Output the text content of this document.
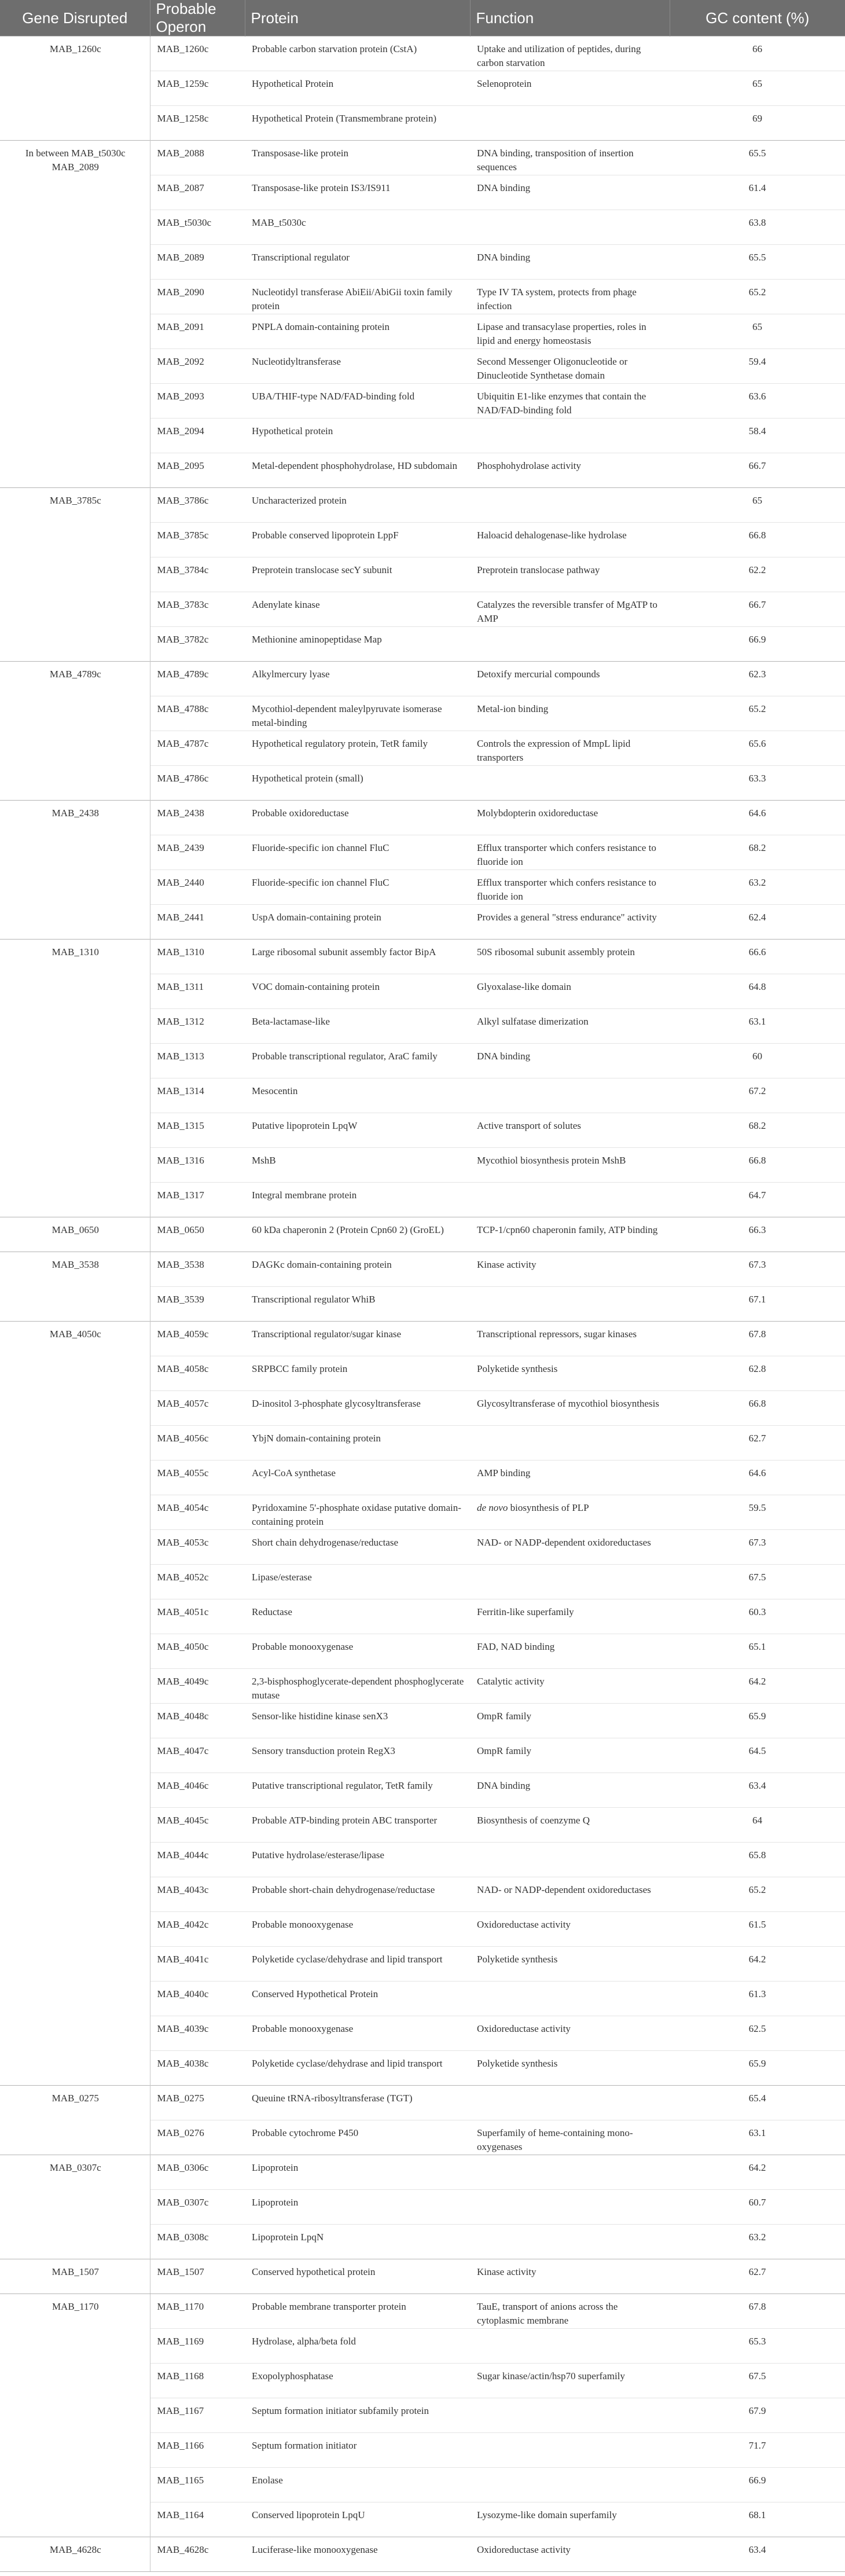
Gene Disrupted	Probable Operon	Protein	Function	GC content (%)
MAB_1260c	MAB_1260c	Probable carbon starvation protein (CstA)	Uptake and utilization of peptides, during carbon starvation	66
	MAB_1259c	Hypothetical Protein	Selenoprotein	65
	MAB_1258c	Hypothetical Protein (Transmembrane protein)		69
In between MAB_t5030c MAB_2089	MAB_2088	Transposase-like protein	DNA binding, transposition of insertion sequences	65.5
	MAB_2087	Transposase-like protein IS3/IS911	DNA binding	61.4
	MAB_t5030c	MAB_t5030c		63.8
	MAB_2089	Transcriptional regulator	DNA binding	65.5
	MAB_2090	Nucleotidyl transferase AbiEii/AbiGii toxin family protein	Type IV TA system, protects from phage infection	65.2
	MAB_2091	PNPLA domain-containing protein	Lipase and transacylase properties, roles in lipid and energy homeostasis	65
	MAB_2092	Nucleotidyltransferase	Second Messenger Oligonucleotide or Dinucleotide Synthetase domain	59.4
	MAB_2093	UBA/THIF-type NAD/FAD-binding fold	Ubiquitin E1-like enzymes that contain the NAD/FAD-binding fold	63.6
	MAB_2094	Hypothetical protein		58.4
	MAB_2095	Metal-dependent phosphohydrolase, HD subdomain	Phosphohydrolase activity	66.7
MAB_3785c	MAB_3786c	Uncharacterized protein		65
	MAB_3785c	Probable conserved lipoprotein LppF	Haloacid dehalogenase-like hydrolase	66.8
	MAB_3784c	Preprotein translocase secY subunit	Preprotein translocase pathway	62.2
	MAB_3783c	Adenylate kinase	Catalyzes the reversible transfer of MgATP to AMP	66.7
	MAB_3782c	Methionine aminopeptidase Map		66.9
MAB_4789c	MAB_4789c	Alkylmercury lyase	Detoxify mercurial compounds	62.3
	MAB_4788c	Mycothiol-dependent maleylpyruvate isomerase metal-binding	Metal-ion binding	65.2
	MAB_4787c	Hypothetical regulatory protein, TetR family	Controls the expression of MmpL lipid transporters	65.6
	MAB_4786c	Hypothetical protein (small)		63.3
MAB_2438	MAB_2438	Probable oxidoreductase	Molybdopterin oxidoreductase	64.6
	MAB_2439	Fluoride-specific ion channel FluC	Efflux transporter which confers resistance to fluoride ion	68.2
	MAB_2440	Fluoride-specific ion channel FluC	Efflux transporter which confers resistance to fluoride ion	63.2
	MAB_2441	UspA domain-containing protein	Provides a general "stress endurance" activity	62.4
MAB_1310	MAB_1310	Large ribosomal subunit assembly factor BipA	50S ribosomal subunit assembly protein	66.6
	MAB_1311	VOC domain-containing protein	Glyoxalase-like domain	64.8
	MAB_1312	Beta-lactamase-like	Alkyl sulfatase dimerization	63.1
	MAB_1313	Probable transcriptional regulator, AraC family	DNA binding	60
	MAB_1314	Mesocentin		67.2
	MAB_1315	Putative lipoprotein LpqW	Active transport of solutes	68.2
	MAB_1316	MshB	Mycothiol biosynthesis protein MshB	66.8
	MAB_1317	Integral membrane protein		64.7
MAB_0650	MAB_0650	60 kDa chaperonin 2 (Protein Cpn60 2) (GroEL)	TCP-1/cpn60 chaperonin family, ATP binding	66.3
MAB_3538	MAB_3538	DAGKc domain-containing protein	Kinase activity	67.3
	MAB_3539	Transcriptional regulator WhiB		67.1
MAB_4050c	MAB_4059c	Transcriptional regulator/sugar kinase	Transcriptional repressors, sugar kinases	67.8
	MAB_4058c	SRPBCC family protein	Polyketide synthesis	62.8
	MAB_4057c	D-inositol 3-phosphate glycosyltransferase	Glycosyltransferase of mycothiol biosynthesis	66.8
	MAB_4056c	YbjN domain-containing protein		62.7
	MAB_4055c	Acyl-CoA synthetase	AMP binding	64.6
	MAB_4054c	Pyridoxamine 5'-phosphate oxidase putative domain-containing protein	de novo biosynthesis of PLP	59.5
	MAB_4053c	Short chain dehydrogenase/reductase	NAD- or NADP-dependent oxidoreductases	67.3
	MAB_4052c	Lipase/esterase		67.5
	MAB_4051c	Reductase	Ferritin-like superfamily	60.3
	MAB_4050c	Probable monooxygenase	FAD, NAD binding	65.1
	MAB_4049c	2,3-bisphosphoglycerate-dependent phosphoglycerate mutase	Catalytic activity	64.2
	MAB_4048c	Sensor-like histidine kinase senX3	OmpR family	65.9
	MAB_4047c	Sensory transduction protein RegX3	OmpR family	64.5
	MAB_4046c	Putative transcriptional regulator, TetR family	DNA binding	63.4
	MAB_4045c	Probable ATP-binding protein ABC transporter	Biosynthesis of coenzyme Q	64
	MAB_4044c	Putative hydrolase/esterase/lipase		65.8
	MAB_4043c	Probable short-chain dehydrogenase/reductase	NAD- or NADP-dependent oxidoreductases	65.2
	MAB_4042c	Probable monooxygenase	Oxidoreductase activity	61.5
	MAB_4041c	Polyketide cyclase/dehydrase and lipid transport	Polyketide synthesis	64.2
	MAB_4040c	Conserved Hypothetical Protein		61.3
	MAB_4039c	Probable monooxygenase	Oxidoreductase activity	62.5
	MAB_4038c	Polyketide cyclase/dehydrase and lipid transport	Polyketide synthesis	65.9
MAB_0275	MAB_0275	Queuine tRNA-ribosyltransferase (TGT)		65.4
	MAB_0276	Probable cytochrome P450	Superfamily of heme-containing mono-oxygenases	63.1
MAB_0307c	MAB_0306c	Lipoprotein		64.2
	MAB_0307c	Lipoprotein		60.7
	MAB_0308c	Lipoprotein LpqN		63.2
MAB_1507	MAB_1507	Conserved hypothetical protein	Kinase activity	62.7
MAB_1170	MAB_1170	Probable membrane transporter protein	TauE, transport of anions across the cytoplasmic membrane	67.8
	MAB_1169	Hydrolase, alpha/beta fold		65.3
	MAB_1168	Exopolyphosphatase	Sugar kinase/actin/hsp70 superfamily	67.5
	MAB_1167	Septum formation initiator subfamily protein		67.9
	MAB_1166	Septum formation initiator		71.7
	MAB_1165	Enolase		66.9
	MAB_1164	Conserved lipoprotein LpqU	Lysozyme-like domain superfamily	68.1
MAB_4628c	MAB_4628c	Luciferase-like monooxygenase	Oxidoreductase activity	63.4
